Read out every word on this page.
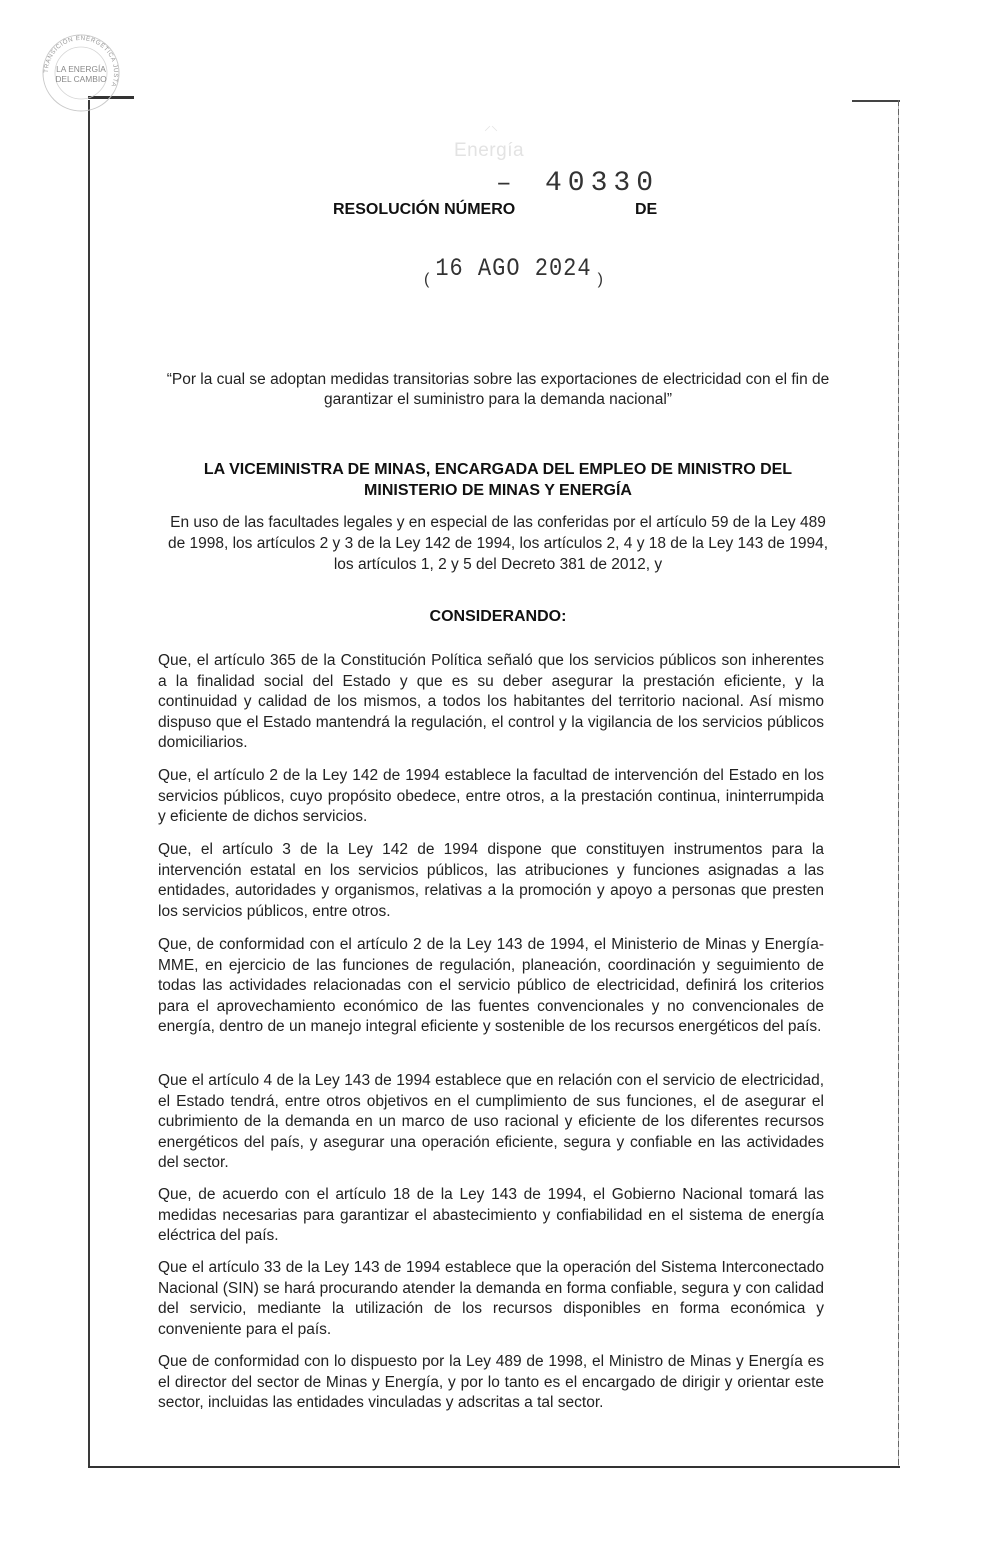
TRANSICIÓN ENERGÉTICA JUSTA
LA ENERGÍA
DEL CAMBIO
⸝⸜
Energía
– 40330
RESOLUCIÓN NÚMERO	DE
( 16 AGO 2024 )
“Por la cual se adoptan medidas transitorias sobre las exportaciones de electricidad con el fin de garantizar el suministro para la demanda nacional”
LA VICEMINISTRA DE MINAS, ENCARGADA DEL EMPLEO DE MINISTRO DEL MINISTERIO DE MINAS Y ENERGÍA
En uso de las facultades legales y en especial de las conferidas por el artículo 59 de la Ley 489 de 1998, los artículos 2 y 3 de la Ley 142 de 1994, los artículos 2, 4 y 18 de la Ley 143 de 1994, los artículos 1, 2 y 5 del Decreto 381 de 2012, y
CONSIDERANDO:

Que, el artículo 365 de la Constitución Política señaló que los servicios públicos son inherentes a la finalidad social del Estado y que es su deber asegurar la prestación eficiente, y la continuidad y calidad de los mismos, a todos los habitantes del territorio nacional. Así mismo dispuso que el Estado mantendrá la regulación, el control y la vigilancia de los servicios públicos domiciliarios.

Que, el artículo 2 de la Ley 142 de 1994 establece la facultad de intervención del Estado en los servicios públicos, cuyo propósito obedece, entre otros, a la prestación continua, ininterrumpida y eficiente de dichos servicios.

Que, el artículo 3 de la Ley 142 de 1994 dispone que constituyen instrumentos para la intervención estatal en los servicios públicos, las atribuciones y funciones asignadas a las entidades, autoridades y organismos, relativas a la promoción y apoyo a personas que presten los servicios públicos, entre otros.

Que, de conformidad con el artículo 2 de la Ley 143 de 1994, el Ministerio de Minas y Energía-MME, en ejercicio de las funciones de regulación, planeación, coordinación y seguimiento de todas las actividades relacionadas con el servicio público de electricidad, definirá los criterios para el aprovechamiento económico de las fuentes convencionales y no convencionales de energía, dentro de un manejo integral eficiente y sostenible de los recursos energéticos del país.

Que el artículo 4 de la Ley 143 de 1994 establece que en relación con el servicio de electricidad, el Estado tendrá, entre otros objetivos en el cumplimiento de sus funciones, el de asegurar el cubrimiento de la demanda en un marco de uso racional y eficiente de los diferentes recursos energéticos del país, y asegurar una operación eficiente, segura y confiable en las actividades del sector.

Que, de acuerdo con el artículo 18 de la Ley 143 de 1994, el Gobierno Nacional tomará las medidas necesarias para garantizar el abastecimiento y confiabilidad en el sistema de energía eléctrica del país.

Que el artículo 33 de la Ley 143 de 1994 establece que la operación del Sistema Interconectado Nacional (SIN) se hará procurando atender la demanda en forma confiable, segura y con calidad del servicio, mediante la utilización de los recursos disponibles en forma económica y conveniente para el país.

Que de conformidad con lo dispuesto por la Ley 489 de 1998, el Ministro de Minas y Energía es el director del sector de Minas y Energía, y por lo tanto es el encargado de dirigir y orientar este sector, incluidas las entidades vinculadas y adscritas a tal sector.
